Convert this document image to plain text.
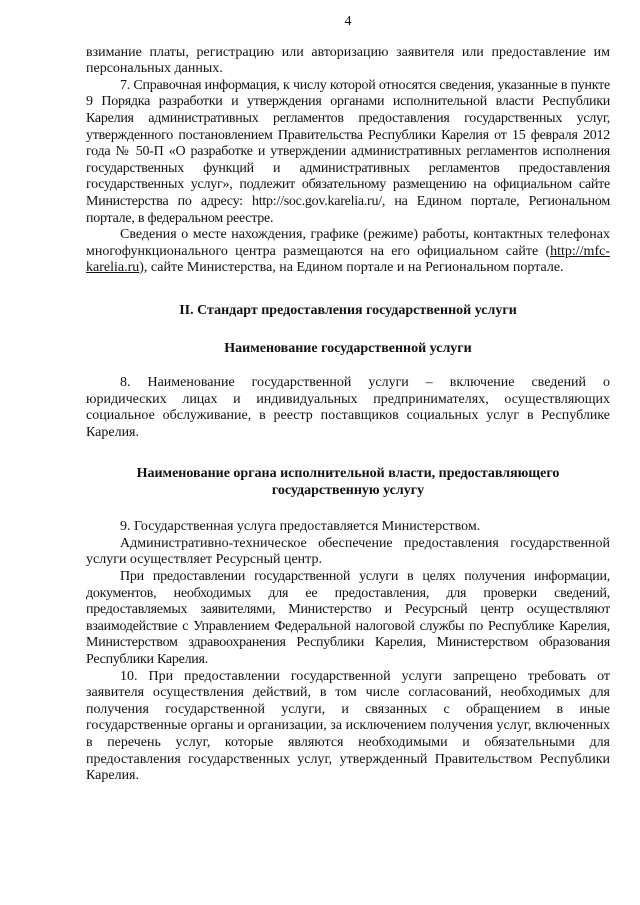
4

взимание платы, регистрацию или авторизацию заявителя или предоставление им персональных данных.

7. Справочная информация, к числу которой относятся сведения, указанные в пункте 9 Порядка разработки и утверждения органами исполнительной власти Республики Карелия административных регламентов предоставления государственных услуг, утвержденного постановлением Правительства Республики Карелия от 15 февраля 2012 года № 50-П «О разработке и утверждении административных регламентов исполнения государственных функций и административных регламентов предоставления государственных услуг», подлежит обязательному размещению на официальном сайте Министерства по адресу: http://soc.gov.karelia.ru/, на Едином портале, Региональном портале, в федеральном реестре.

Сведения о месте нахождения, графике (режиме) работы, контактных телефонах многофункционального центра размещаются на его официальном сайте (http://mfc-karelia.ru), сайте Министерства, на Едином портале и на Региональном портале.

II. Стандарт предоставления государственной услуги
Наименование государственной услуги

8. Наименование государственной услуги – включение сведений о юридических лицах и индивидуальных предпринимателях, осуществляющих социальное обслуживание, в реестр поставщиков социальных услуг в Республике Карелия.

Наименование органа исполнительной власти, предоставляющего
государственную услугу

9. Государственная услуга предоставляется Министерством.

Административно-техническое обеспечение предоставления государственной услуги осуществляет Ресурсный центр.

При предоставлении государственной услуги в целях получения информации, документов, необходимых для ее предоставления, для проверки сведений, предоставляемых заявителями, Министерство и Ресурсный центр осуществляют взаимодействие с Управлением Федеральной налоговой службы по Республике Карелия, Министерством здравоохранения Республики Карелия, Министерством образования Республики Карелия.

10. При предоставлении государственной услуги запрещено требовать от заявителя осуществления действий, в том числе согласований, необходимых для получения государственной услуги, и связанных с обращением в иные государственные органы и организации, за исключением получения услуг, включенных в перечень услуг, которые являются необходимыми и обязательными для предоставления государственных услуг, утвержденный Правительством Республики Карелия.
